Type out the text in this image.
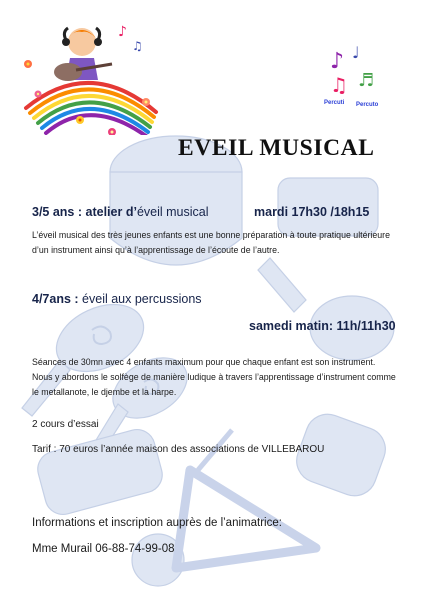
♪
♫
♪ ♩
♫ ♬
Percuti Percuto
EVEIL MUSICAL
3/5 ans : atelier d’éveil musical	mardi 17h30 /18h15
L’éveil musical des très jeunes enfants est une bonne préparation à toute pratique ultérieure d’un instrument ainsi qu’à l’apprentissage de l’écoute de l’autre.
4/7ans : éveil aux percussions
samedi matin: 11h/11h30
Séances de 30mn avec 4 enfants maximum pour que chaque enfant est son instrument. Nous y abordons le solfège de manière ludique à travers l’apprentissage d’instrument comme le metallanote, le djembe et la harpe.
2 cours d’essai
Tarif : 70 euros l’année maison des associations de VILLEBAROU
Informations et inscription auprès de l’animatrice:
Mme Murail 06-88-74-99-08
